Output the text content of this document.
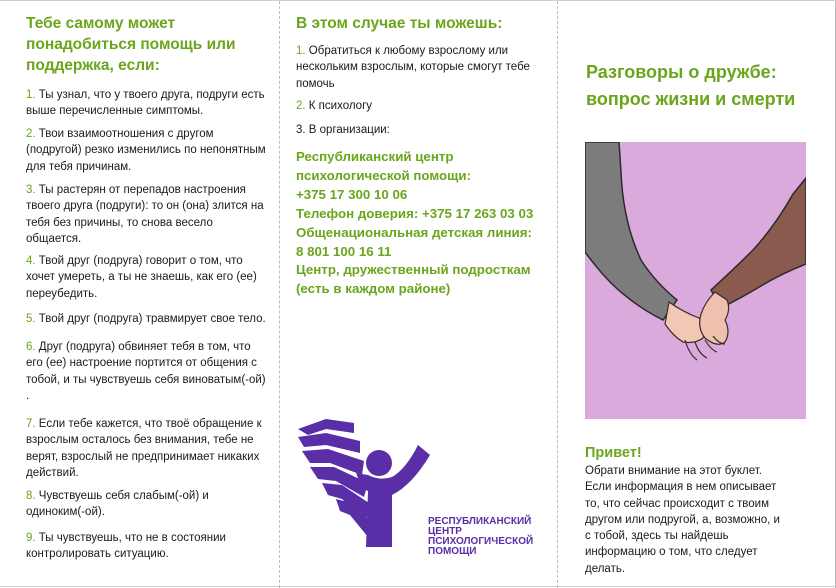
Тебе самому может понадобиться помощь или поддержка, если:
1. Ты узнал, что у твоего друга, подруги есть выше перечисленные симптомы.
2. Твои взаимоотношения с другом (подругой) резко изменились по непонятным для тебя причинам.
3. Ты растерян от перепадов настроения твоего друга (подруги): то он (она) злится на тебя без причины, то снова весело общается.
4. Твой друг (подруга) говорит о том, что хочет умереть, а ты не знаешь, как его (ее) переубедить.
5. Твой друг (подруга) травмирует свое тело.
6. Друг (подруга) обвиняет тебя в том, что его (ее) настроение портится от общения с тобой, и ты чувствуешь себя виноватым(-ой) .
7. Если тебе кажется, что твоё обращение к взрослым осталось без внимания, тебе не верят, взрослый не предпринимает никаких действий.
8. Чувствуешь себя слабым(-ой) и одиноким(-ой).
9. Ты чувствуешь, что не в состоянии контролировать ситуацию.
В этом случае ты можешь:
1. Обратиться к любому взрослому или нескольким взрослым, которые смогут тебе помочь
2. К психологу
3. В организации:
Республиканский центр
психологической помощи:
+375 17 300 10 06
Телефон доверия: +375 17 263 03 03
Общенациональная детская линия:
8 801 100 16 11
Центр, дружественный подросткам
(есть в каждом районе)
РЕСПУБЛИКАНСКИЙ
ЦЕНТР
ПСИХОЛОГИЧЕСКОЙ
ПОМОЩИ
Разговоры о дружбе: вопрос жизни и смерти
Привет!
Обрати внимание на этот буклет. Если информация в нем описывает то, что сейчас происходит с твоим другом или подругой, а, возможно, и с тобой, здесь ты найдешь информацию о том, что следует делать.
